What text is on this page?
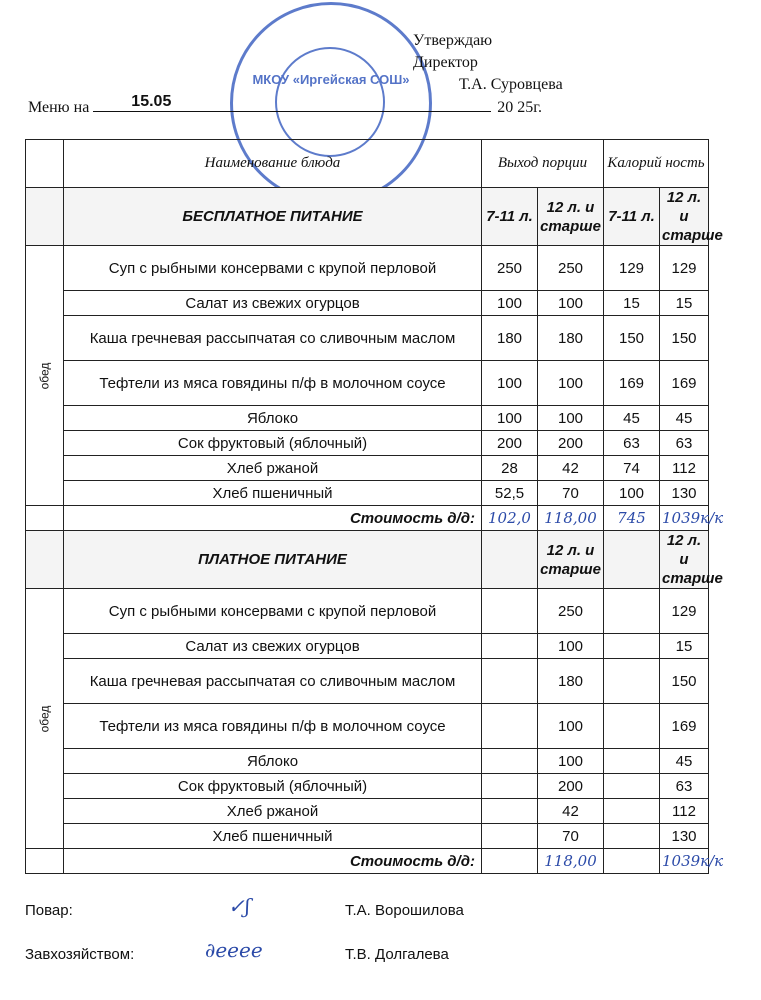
МКОУ «Иргейская СОШ»
Утверждаю
Директор
Т.А. Суровцева
Меню на	15.05	20 25г.
	Наименование блюда	Выход порции		Калорий ность	
	БЕСПЛАТНОЕ ПИТАНИЕ	7-11 л.	12 л. и старше	7-11 л.	12 л. и старше

обед	Суп с рыбными консервами с крупой перловой	250	250	129	129
	Салат из свежих огурцов	100	100	15	15
	Каша гречневая рассыпчатая со сливочным маслом	180	180	150	150
	Тефтели из мяса говядины п/ф в молочном соусе	100	100	169	169
	Яблоко	100	100	45	45
	Сок фруктовый (яблочный)	200	200	63	63
	Хлеб ржаной	28	42	74	112
	Хлеб пшеничный	52,5	70	100	130
	Стоимость д/д:	102,0	118,00	745	1039к/к
	ПЛАТНОЕ ПИТАНИЕ		12 л. и старше		12 л. и старше

обед	Суп с рыбными консервами с крупой перловой		250		129
	Салат из свежих огурцов		100		15
	Каша гречневая рассыпчатая со сливочным маслом		180		150
	Тефтели из мяса говядины п/ф в молочном соусе		100		169
	Яблоко		100		45
	Сок фруктовый (яблочный)		200		63
	Хлеб ржаной		42		112
	Хлеб пшеничный		70		130
	Стоимость д/д:		118,00		1039к/к
Повар:	✓ʃ	Т.А. Ворошилова
Завхозяйством:	∂eeee	Т.В. Долгалева
